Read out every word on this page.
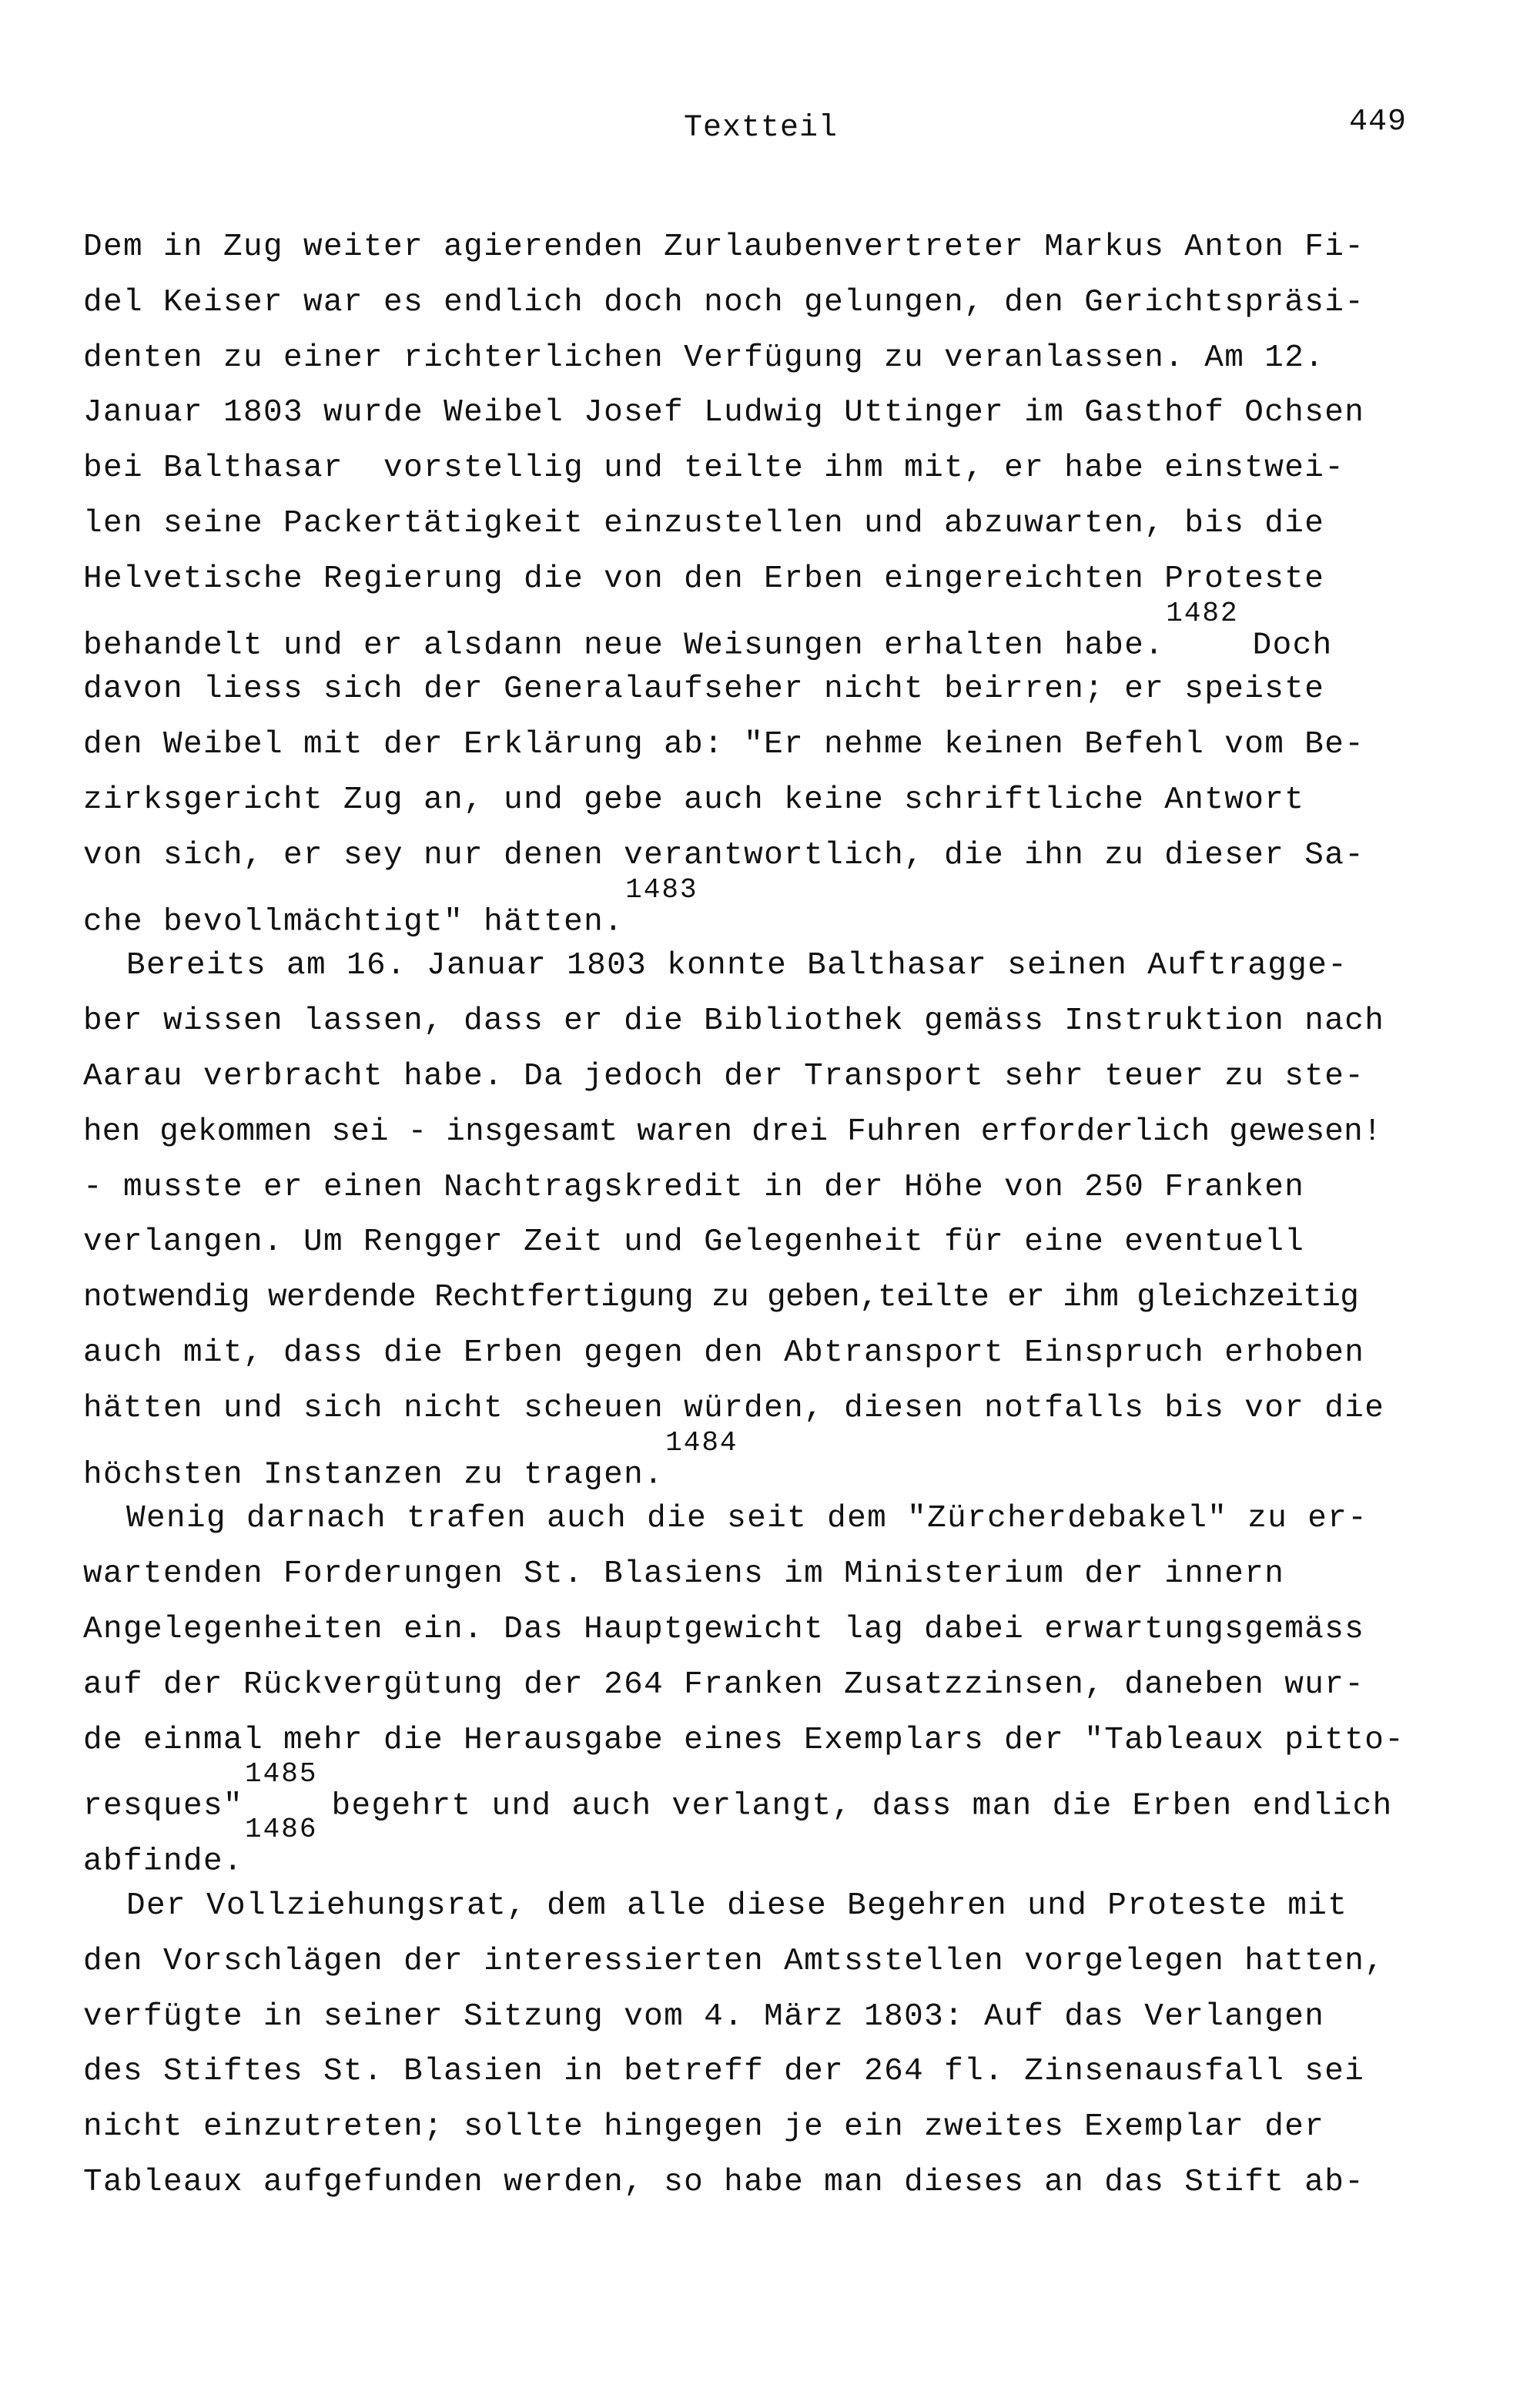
Textteil	449
Dem in Zug weiter agierenden Zurlaubenvertreter Markus Anton Fi-
del Keiser war es endlich doch noch gelungen, den Gerichtspräsi-
denten zu einer richterlichen Verfügung zu veranlassen. Am 12.
Januar 1803 wurde Weibel Josef Ludwig Uttinger im Gasthof Ochsen
bei Balthasar  vorstellig und teilte ihm mit, er habe einstwei-
len seine Packertätigkeit einzustellen und abzuwarten, bis die
Helvetische Regierung die von den Erben eingereichten Proteste
behandelt und er alsdann neue Weisungen erhalten habe.$^{1482}$Doch
davon liess sich der Generalaufseher nicht beirren; er speiste
den Weibel mit der Erklärung ab: "Er nehme keinen Befehl vom Be-
zirksgericht Zug an, und gebe auch keine schriftliche Antwort
von sich, er sey nur denen verantwortlich, die ihn zu dieser Sa-
che bevollmächtigt" hätten.$^{1483}$
Bereits am 16. Januar 1803 konnte Balthasar seinen Auftragge-
ber wissen lassen, dass er die Bibliothek gemäss Instruktion nach
Aarau verbracht habe. Da jedoch der Transport sehr teuer zu ste-
hen gekommen sei - insgesamt waren drei Fuhren erforderlich gewesen!
- musste er einen Nachtragskredit in der Höhe von 250 Franken
verlangen. Um Rengger Zeit und Gelegenheit für eine eventuell
notwendig werdende Rechtfertigung zu geben,teilte er ihm gleichzeitig
auch mit, dass die Erben gegen den Abtransport Einspruch erhoben
hätten und sich nicht scheuen würden, diesen notfalls bis vor die
höchsten Instanzen zu tragen.$^{1484}$
Wenig darnach trafen auch die seit dem "Zürcherdebakel" zu er-
wartenden Forderungen St. Blasiens im Ministerium der innern
Angelegenheiten ein. Das Hauptgewicht lag dabei erwartungsgemäss
auf der Rückvergütung der 264 Franken Zusatzzinsen, daneben wur-
de einmal mehr die Herausgabe eines Exemplars der "Tableaux pitto-
resques"$^{1485}$begehrt und auch verlangt, dass man die Erben endlich
abfinde.$^{1486}$
Der Vollziehungsrat, dem alle diese Begehren und Proteste mit
den Vorschlägen der interessierten Amtsstellen vorgelegen hatten,
verfügte in seiner Sitzung vom 4. März 1803: Auf das Verlangen
des Stiftes St. Blasien in betreff der 264 fl. Zinsenausfall sei
nicht einzutreten; sollte hingegen je ein zweites Exemplar der
Tableaux aufgefunden werden, so habe man dieses an das Stift ab-
